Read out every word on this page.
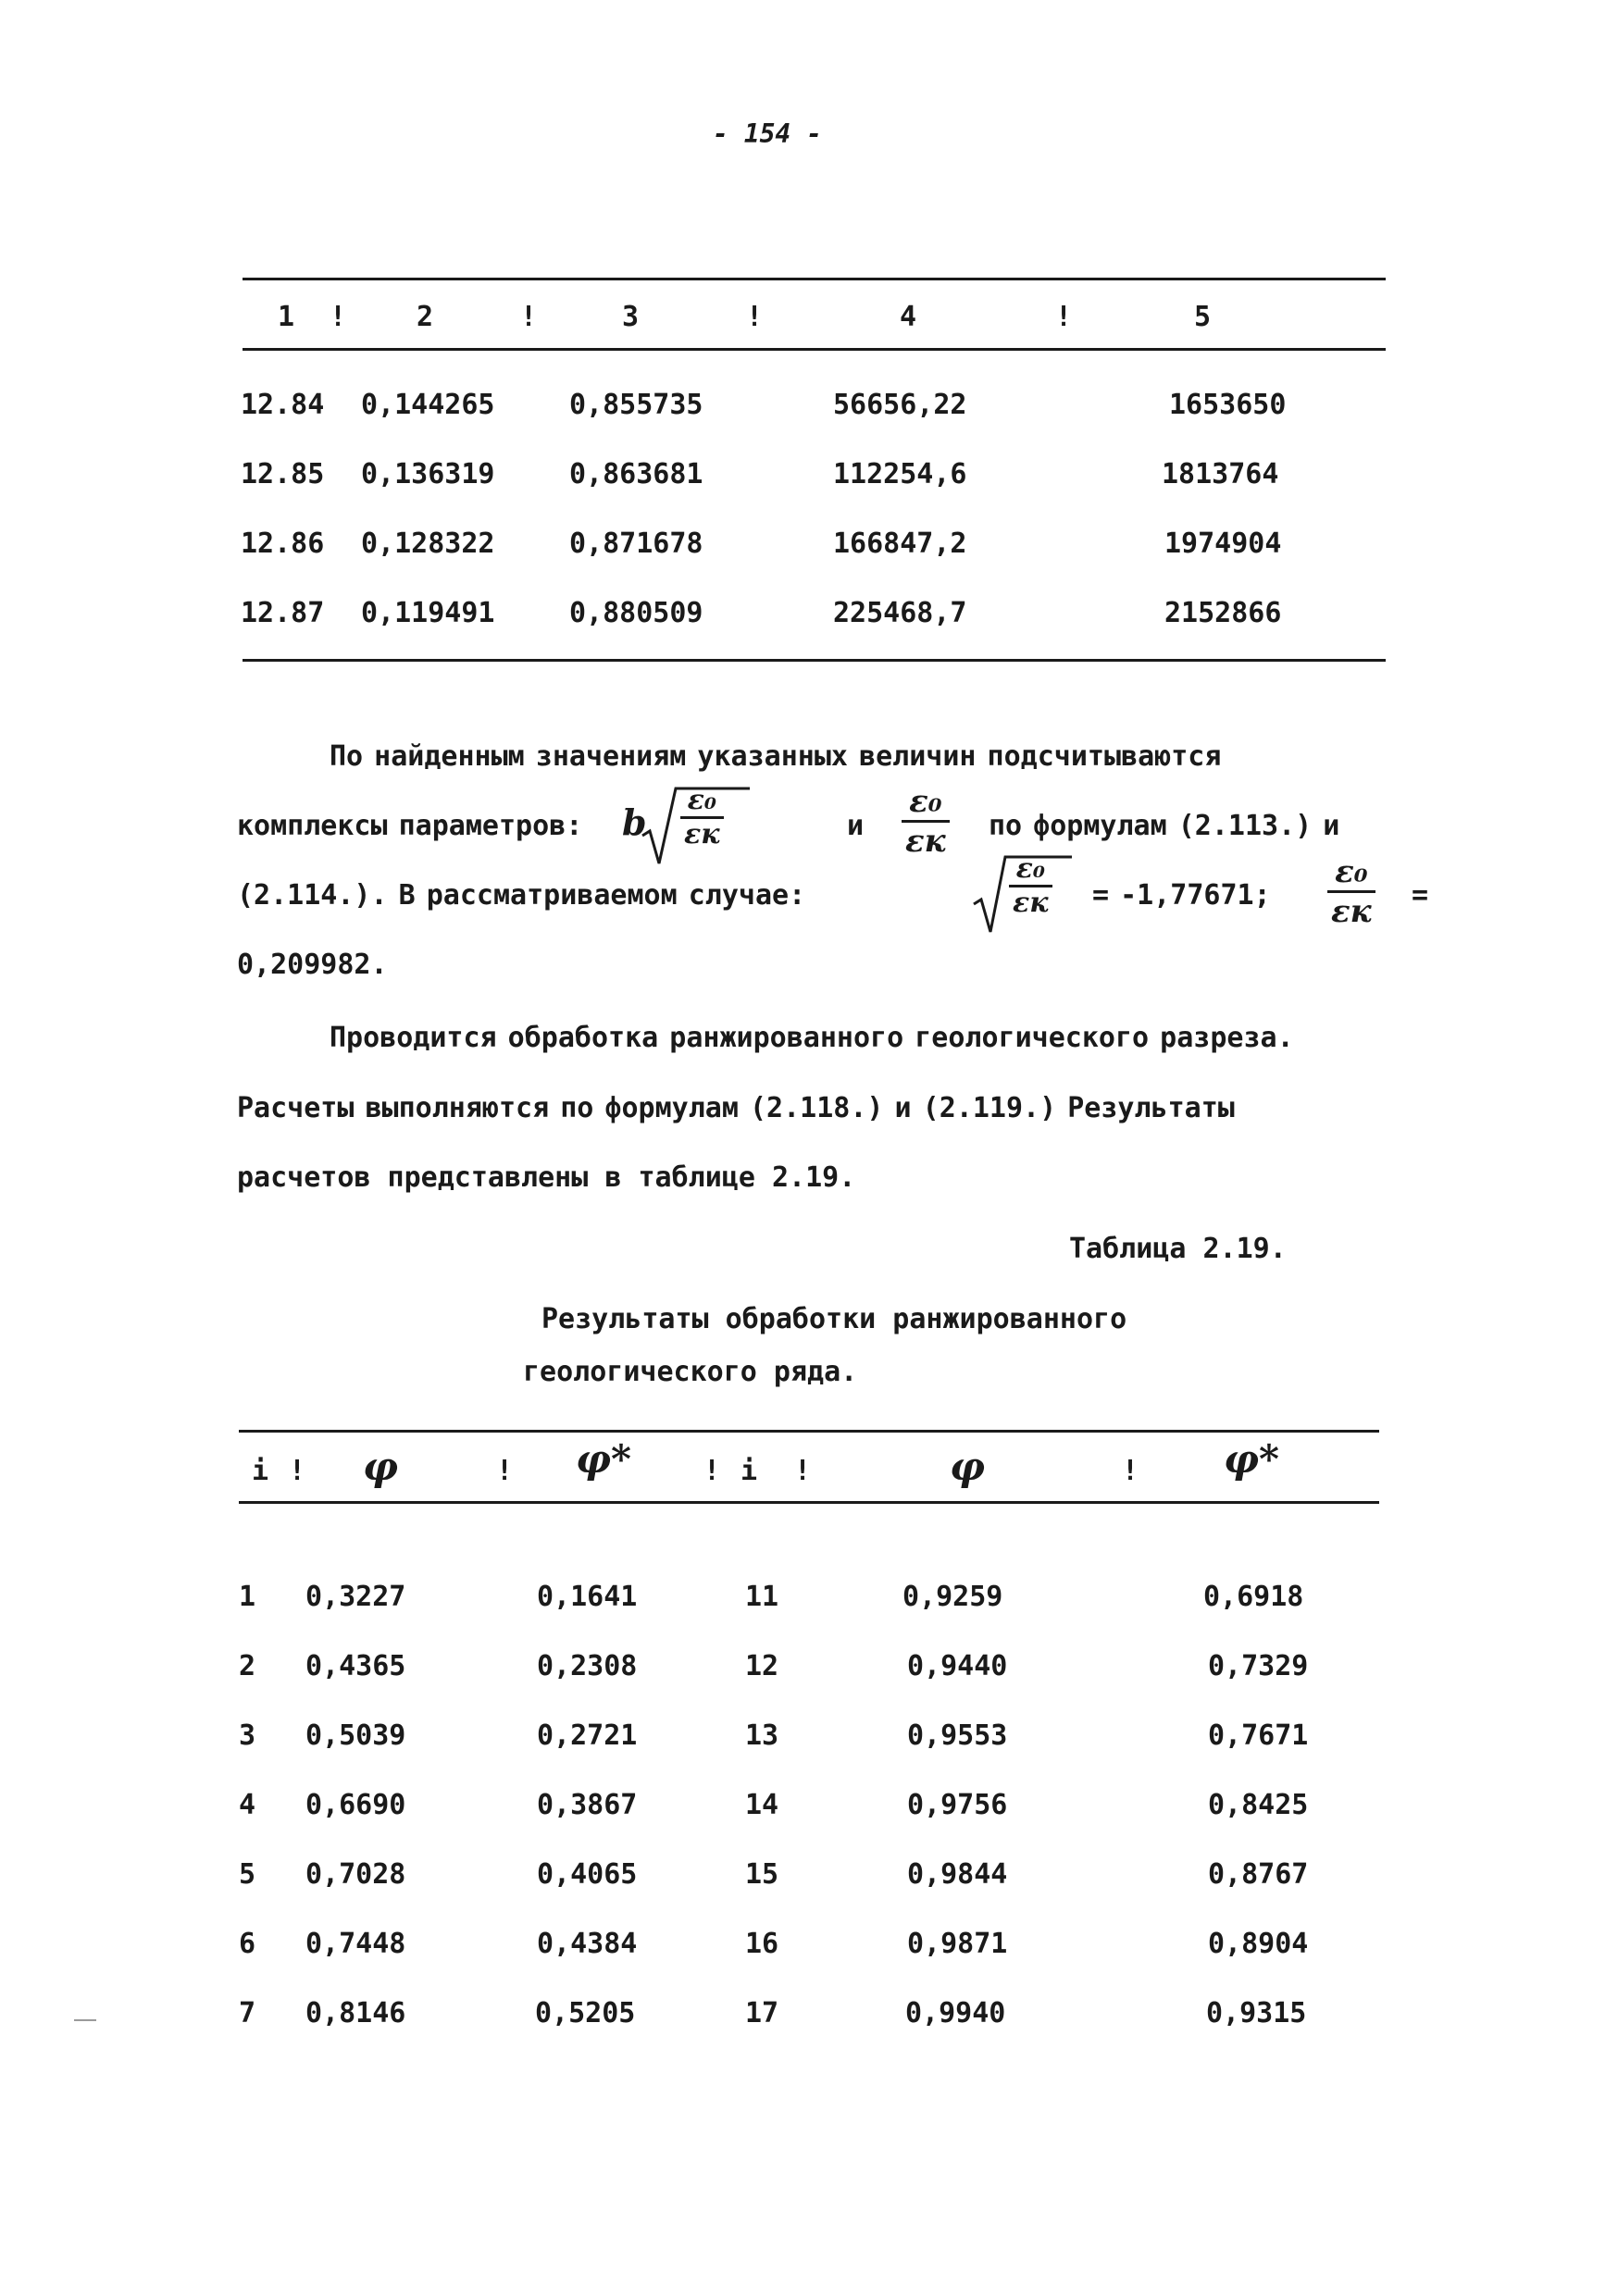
- 154 -
1 !	2	!	3	!	4	!	5
12.84 0,144265	0,855735	56656,22	1653650
12.85 0,136319	0,863681	112254,6	1813764
12.86 0,128322	0,871678	166847,2	1974904
12.87 0,119491	0,880509	225468,7	2152866
По найденным значениям указанных величин подсчитываются
комплексы параметров: b
ε₀
εк	и
ε₀
εк по формулам (2.113.) и
(2.114.). В рассматриваемом случае:
ε₀
εк = -1,77671;
ε₀
εк =
0,209982.
Проводится обработка ранжированного геологического разреза.
Расчеты выполняются по формулам (2.118.) и (2.119.) Результаты
расчетов представлены в таблице 2.19.
Таблица 2.19.
Результаты обработки ранжированного
геологического ряда.
i ! φ	! φ*	! i !	φ	! φ*
1 0,3227	0,1641	11	0,9259	0,6918
2 0,4365	0,2308	12	0,9440	0,7329
3 0,5039	0,2721	13	0,9553	0,7671
4 0,6690	0,3867	14	0,9756	0,8425
5 0,7028	0,4065	15	0,9844	0,8767
6 0,7448	0,4384	16	0,9871	0,8904
7 0,8146	0,5205	17	0,9940	0,9315
